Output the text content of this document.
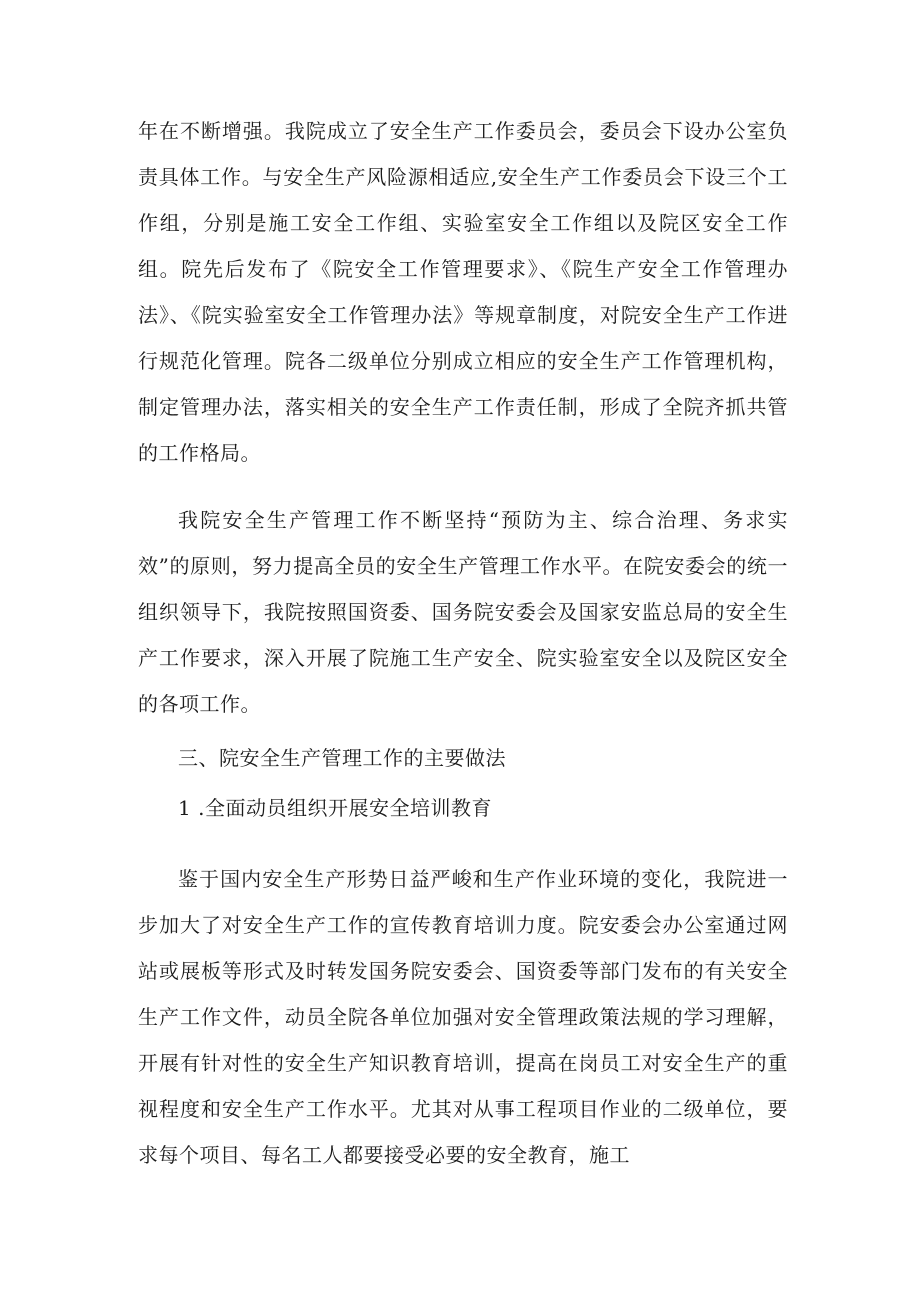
年在不断增强。我院成立了安全生产工作委员会，委员会下设办公室负责具体工作。与安全生产风险源相适应,安全生产工作委员会下设三个工作组，分别是施工安全工作组、实验室安全工作组以及院区安全工作组。院先后发布了《院安全工作管理要求》、《院生产安全工作管理办法》、《院实验室安全工作管理办法》等规章制度，对院安全生产工作进行规范化管理。院各二级单位分别成立相应的安全生产工作管理机构，制定管理办法，落实相关的安全生产工作责任制，形成了全院齐抓共管的工作格局。

我院安全生产管理工作不断坚持“预防为主、综合治理、务求实效”的原则，努力提高全员的安全生产管理工作水平。在院安委会的统一组织领导下，我院按照国资委、国务院安委会及国家安监总局的安全生产工作要求，深入开展了院施工生产安全、院实验室安全以及院区安全的各项工作。

三、院安全生产管理工作的主要做法

1 .全面动员组织开展安全培训教育

鉴于国内安全生产形势日益严峻和生产作业环境的变化，我院进一步加大了对安全生产工作的宣传教育培训力度。院安委会办公室通过网站或展板等形式及时转发国务院安委会、国资委等部门发布的有关安全生产工作文件，动员全院各单位加强对安全管理政策法规的学习理解，开展有针对性的安全生产知识教育培训，提高在岗员工对安全生产的重视程度和安全生产工作水平。尤其对从事工程项目作业的二级单位，要求每个项目、每名工人都要接受必要的安全教育，施工
